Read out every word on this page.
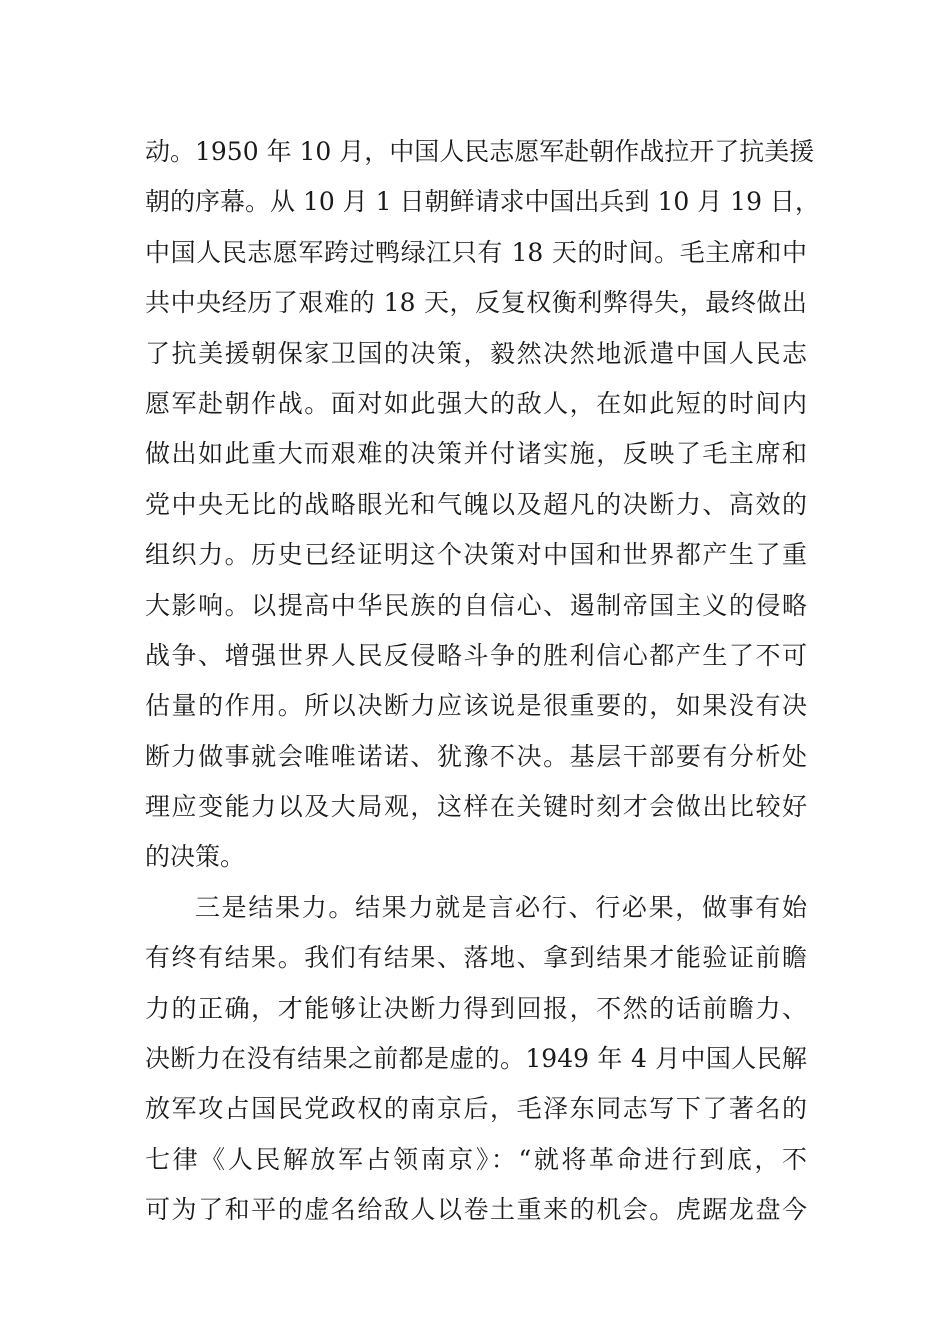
动。1950 年 10 月，中国人民志愿军赴朝作战拉开了抗美援
朝的序幕。从 10 月 1 日朝鲜请求中国出兵到 10 月 19 日，
中国人民志愿军跨过鸭绿江只有 18 天的时间。毛主席和中
共中央经历了艰难的 18 天，反复权衡利弊得失，最终做出
了抗美援朝保家卫国的决策，毅然决然地派遣中国人民志
愿军赴朝作战。面对如此强大的敌人，在如此短的时间内
做出如此重大而艰难的决策并付诸实施，反映了毛主席和
党中央无比的战略眼光和气魄以及超凡的决断力、高效的
组织力。历史已经证明这个决策对中国和世界都产生了重
大影响。以提高中华民族的自信心、遏制帝国主义的侵略
战争、增强世界人民反侵略斗争的胜利信心都产生了不可
估量的作用。所以决断力应该说是很重要的，如果没有决
断力做事就会唯唯诺诺、犹豫不决。基层干部要有分析处
理应变能力以及大局观，这样在关键时刻才会做出比较好
的决策。
三是结果力。结果力就是言必行、行必果，做事有始
有终有结果。我们有结果、落地、拿到结果才能验证前瞻
力的正确，才能够让决断力得到回报，不然的话前瞻力、
决断力在没有结果之前都是虚的。1949 年 4 月中国人民解
放军攻占国民党政权的南京后，毛泽东同志写下了著名的
七律《人民解放军占领南京》：“就将革命进行到底，不
可为了和平的虚名给敌人以卷土重来的机会。虎踞龙盘今
